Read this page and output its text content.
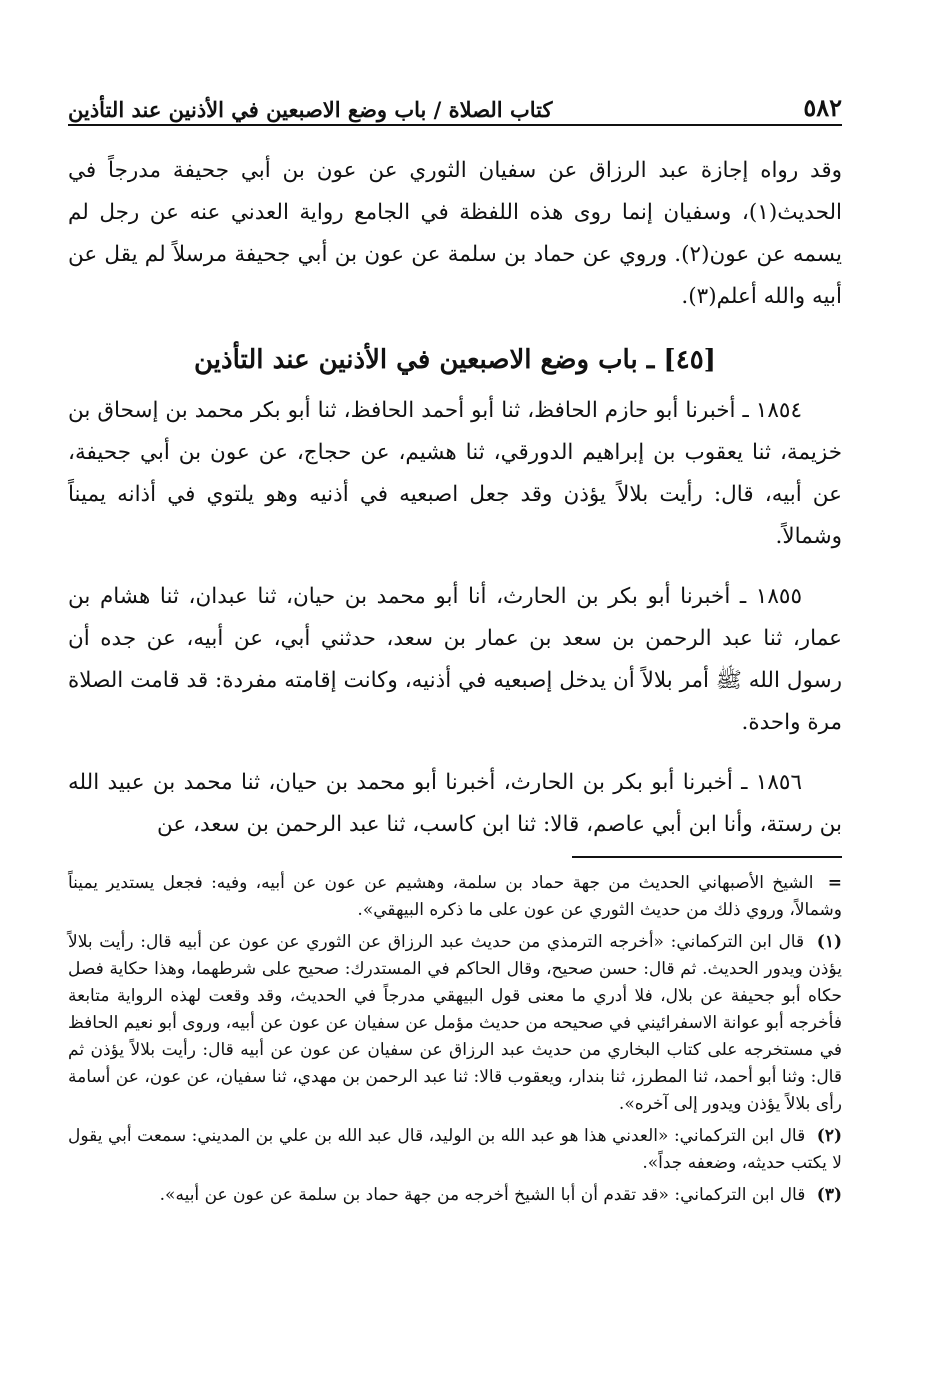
٥٨٢
كتاب الصلاة / باب وضع الاصبعين في الأذنين عند التأذين

وقد رواه إجازة عبد الرزاق عن سفيان الثوري عن عون بن أبي جحيفة مدرجاً في الحديث(١)، وسفيان إنما روى هذه اللفظة في الجامع رواية العدني عنه عن رجل لم يسمه عن عون(٢). وروي عن حماد بن سلمة عن عون بن أبي جحيفة مرسلاً لم يقل عن أبيه والله أعلم(٣).

[٤٥] ـ باب وضع الاصبعين في الأذنين عند التأذين

١٨٥٤ ـ أخبرنا أبو حازم الحافظ، ثنا أبو أحمد الحافظ، ثنا أبو بكر محمد بن إسحاق بن خزيمة، ثنا يعقوب بن إبراهيم الدورقي، ثنا هشيم، عن حجاج، عن عون بن أبي جحيفة، عن أبيه، قال: رأيت بلالاً يؤذن وقد جعل اصبعيه في أذنيه وهو يلتوي في أذانه يميناً وشمالاً.

١٨٥٥ ـ أخبرنا أبو بكر بن الحارث، أنا أبو محمد بن حيان، ثنا عبدان، ثنا هشام بن عمار، ثنا عبد الرحمن بن سعد بن عمار بن سعد، حدثني أبي، عن أبيه، عن جده أن رسول الله ﷺ أمر بلالاً أن يدخل إصبعيه في أذنيه، وكانت إقامته مفردة: قد قامت الصلاة مرة واحدة.

١٨٥٦ ـ أخبرنا أبو بكر بن الحارث، أخبرنا أبو محمد بن حيان، ثنا محمد بن عبيد الله بن رستة، وأنا ابن أبي عاصم، قالا: ثنا ابن كاسب، ثنا عبد الرحمن بن سعد، عن

= الشيخ الأصبهاني الحديث من جهة حماد بن سلمة، وهشيم عن عون عن أبيه، وفيه: فجعل يستدير يميناً وشمالاً، وروي ذلك من حديث الثوري عن عون على ما ذكره البيهقي».

(١) قال ابن التركماني: «أخرجه الترمذي من حديث عبد الرزاق عن الثوري عن عون عن أبيه قال: رأيت بلالاً يؤذن ويدور الحديث. ثم قال: حسن صحيح، وقال الحاكم في المستدرك: صحيح على شرطهما، وهذا حكاية فصل حكاه أبو جحيفة عن بلال، فلا أدري ما معنى قول البيهقي مدرجاً في الحديث، وقد وقعت لهذه الرواية متابعة فأخرجه أبو عوانة الاسفرائيني في صحيحه من حديث مؤمل عن سفيان عن عون عن أبيه، وروى أبو نعيم الحافظ في مستخرجه على كتاب البخاري من حديث عبد الرزاق عن سفيان عن عون عن أبيه قال: رأيت بلالاً يؤذن ثم قال: وثنا أبو أحمد، ثنا المطرز، ثنا بندار، ويعقوب قالا: ثنا عبد الرحمن بن مهدي، ثنا سفيان، عن عون، عن أسامة رأى بلالاً يؤذن ويدور إلى آخره».

(٢) قال ابن التركماني: «العدني هذا هو عبد الله بن الوليد، قال عبد الله بن علي بن المديني: سمعت أبي يقول لا يكتب حديثه، وضعفه جداً».

(٣) قال ابن التركماني: «قد تقدم أن أبا الشيخ أخرجه من جهة حماد بن سلمة عن عون عن أبيه».
